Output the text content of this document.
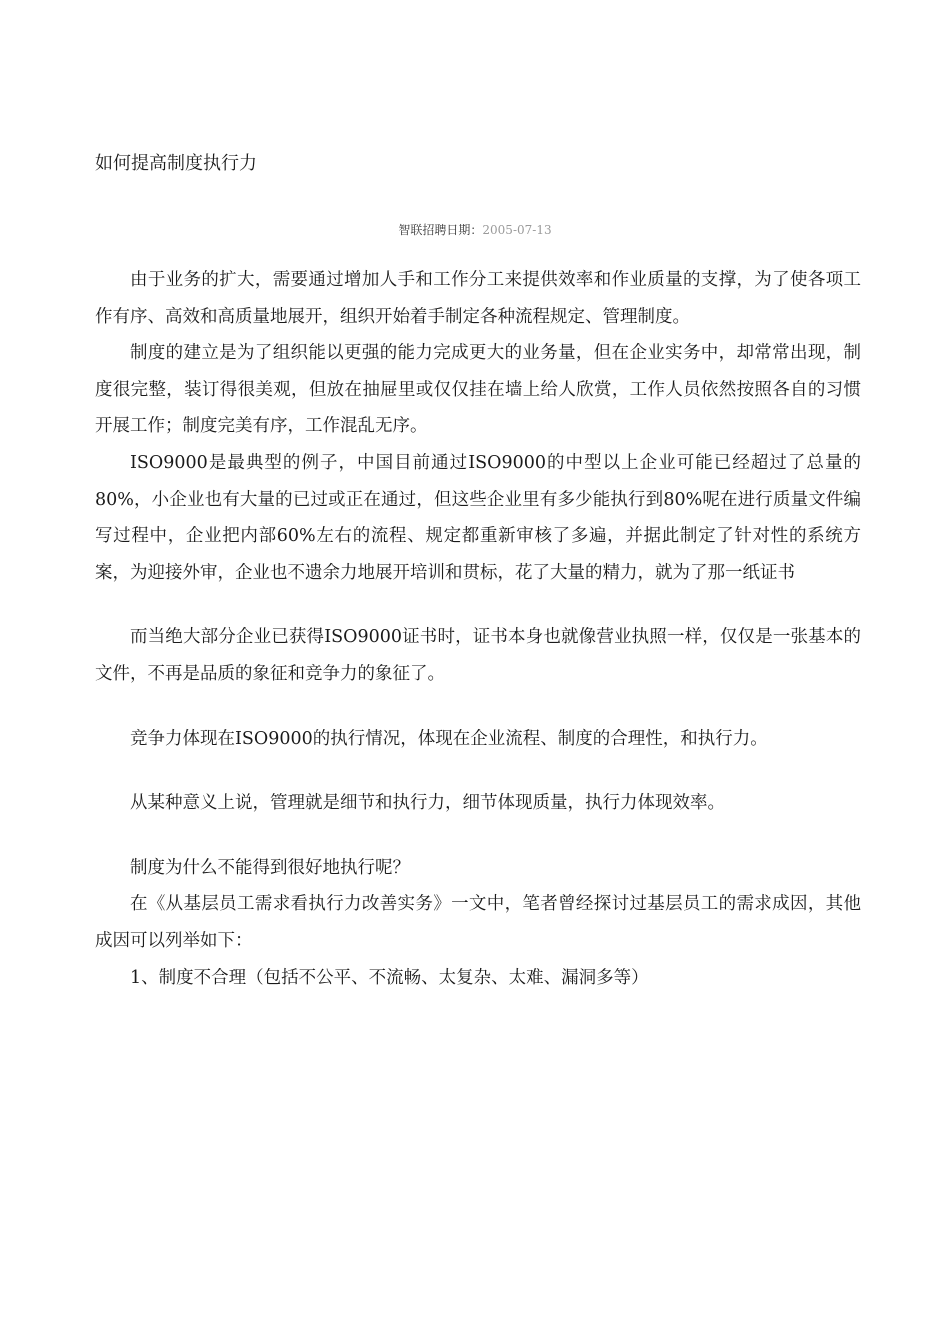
如何提高制度执行力
智联招聘日期：2005-07-13

由于业务的扩大，需要通过增加人手和工作分工来提供效率和作业质量的支撑，为了使各项工作有序、高效和高质量地展开，组织开始着手制定各种流程规定、管理制度。

制度的建立是为了组织能以更强的能力完成更大的业务量，但在企业实务中，却常常出现，制度很完整，装订得很美观，但放在抽屉里或仅仅挂在墙上给人欣赏，工作人员依然按照各自的习惯开展工作；制度完美有序，工作混乱无序。

ISO9000是最典型的例子，中国目前通过ISO9000的中型以上企业可能已经超过了总量的80%，小企业也有大量的已过或正在通过，但这些企业里有多少能执行到80%呢在进行质量文件编写过程中，企业把内部60%左右的流程、规定都重新审核了多遍，并据此制定了针对性的系统方案，为迎接外审，企业也不遗余力地展开培训和贯标，花了大量的精力，就为了那一纸证书

而当绝大部分企业已获得ISO9000证书时，证书本身也就像营业执照一样，仅仅是一张基本的文件，不再是品质的象征和竞争力的象征了。

竞争力体现在ISO9000的执行情况，体现在企业流程、制度的合理性，和执行力。

从某种意义上说，管理就是细节和执行力，细节体现质量，执行力体现效率。

制度为什么不能得到很好地执行呢？

在《从基层员工需求看执行力改善实务》一文中，笔者曾经探讨过基层员工的需求成因，其他成因可以列举如下：

1、制度不合理（包括不公平、不流畅、太复杂、太难、漏洞多等）
